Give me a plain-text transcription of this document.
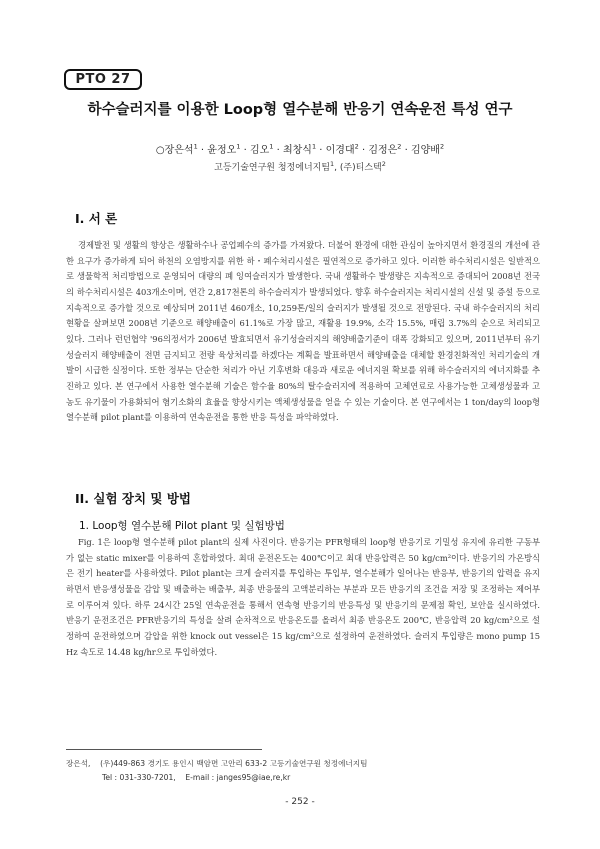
PTO 27
하수슬러지를 이용한 Loop형 열수분해 반응기 연속운전 특성 연구
○장은석$^1$ · 윤정오$^1$ · 김오$^1$ · 최창식$^1$ · 이경대$^2$ · 김정은$^2$ · 김양배$^2$
고등기술연구원 청정에너지팀$^1$, (주)티스텍$^2$
I. 서 론

경제발전 및 생활의 향상은 생활하수나 공업폐수의 증가를 가져왔다. 더불어 환경에 대한 관심이 높아지면서 환경질의 개선에 관한 요구가 증가하게 되어 하천의 오염방지를 위한 하・폐수처리시설은 필연적으로 증가하고 있다. 이러한 하수처리시설은 일반적으로 생물학적 처리방법으로 운영되어 대량의 폐 잉여슬러지가 발생한다. 국내 생활하수 발생량은 지속적으로 증대되어 2008년 전국의 하수처리시설은 403개소이며, 연간 2,817천톤의 하수슬러지가 발생되었다. 향후 하수슬러지는 처리시설의 신설 및 증설 등으로 지속적으로 증가할 것으로 예상되며 2011년 460개소, 10,259톤/일의 슬러지가 발생될 것으로 전망된다. 국내 하수슬러지의 처리현황을 살펴보면 2008년 기준으로 해양배출이 61.1%로 가장 많고, 재활용 19.9%, 소각 15.5%, 매립 3.7%의 순으로 처리되고 있다. 그러나 런던협약 '96의정서가 2006년 발효되면서 유기성슬러지의 해양배출기준이 대폭 강화되고 있으며, 2011년부터 유기성슬러지 해양배출이 전면 금지되고 전량 육상처리를 하겠다는 계획을 발표하면서 해양배출을 대체할 환경친화적인 처리기술의 개발이 시급한 실정이다. 또한 정부는 단순한 처리가 아닌 기후변화 대응과 새로운 에너지원 확보를 위해 하수슬러지의 에너지화를 추진하고 있다. 본 연구에서 사용한 열수분해 기술은 함수율 80%의 탈수슬러지에 적용하여 고체연료로 사용가능한 고체생성물과 고농도 유기물이 가용화되어 혐기소화의 효율을 향상시키는 액체생성물을 얻을 수 있는 기술이다. 본 연구에서는 1 ton/day의 loop형 열수분해 pilot plant를 이용하여 연속운전을 통한 반응 특성을 파악하였다.

II. 실험 장치 및 방법
1. Loop형 열수분해 Pilot plant 및 실험방법

Fig. 1은 loop형 열수분해 pilot plant의 실제 사진이다. 반응기는 PFR형태의 loop형 반응기로 기밀성 유지에 유리한 구동부가 없는 static mixer를 이용하여 혼합하였다. 최대 운전온도는 400℃이고 최대 반응압력은 50 kg/cm²이다. 반응기의 가온방식은 전기 heater를 사용하였다. Pilot plant는 크게 슬러지를 투입하는 투입부, 열수분해가 일어나는 반응부, 반응기의 압력을 유지하면서 반응생성물을 감압 및 배출하는 배출부, 최종 반응물의 고액분리하는 부분과 모든 반응기의 조건을 저장 및 조정하는 제어부로 이루어져 있다. 하루 24시간 25일 연속운전을 통해서 연속형 반응기의 반응특성 및 반응기의 문제점 확인, 보안을 실시하였다. 반응기 운전조건은 PFR반응기의 특성을 살려 순차적으로 반응온도를 올려서 최종 반응온도 200℃, 반응압력 20 kg/cm²으로 설정하여 운전하였으며 감압을 위한 knock out vessel은 15 kg/cm²으로 설정하여 운전하였다. 슬러지 투입량은 mono pump 15 Hz 속도로 14.48 kg/hr으로 투입하였다.

장은석,    (우)449-863 경기도 용인시 백암면 고안리 633-2 고등기술연구원 청정에너지팀
Tel : 031-330-7201,    E-mail : janges95@iae,re,kr
- 252 -
